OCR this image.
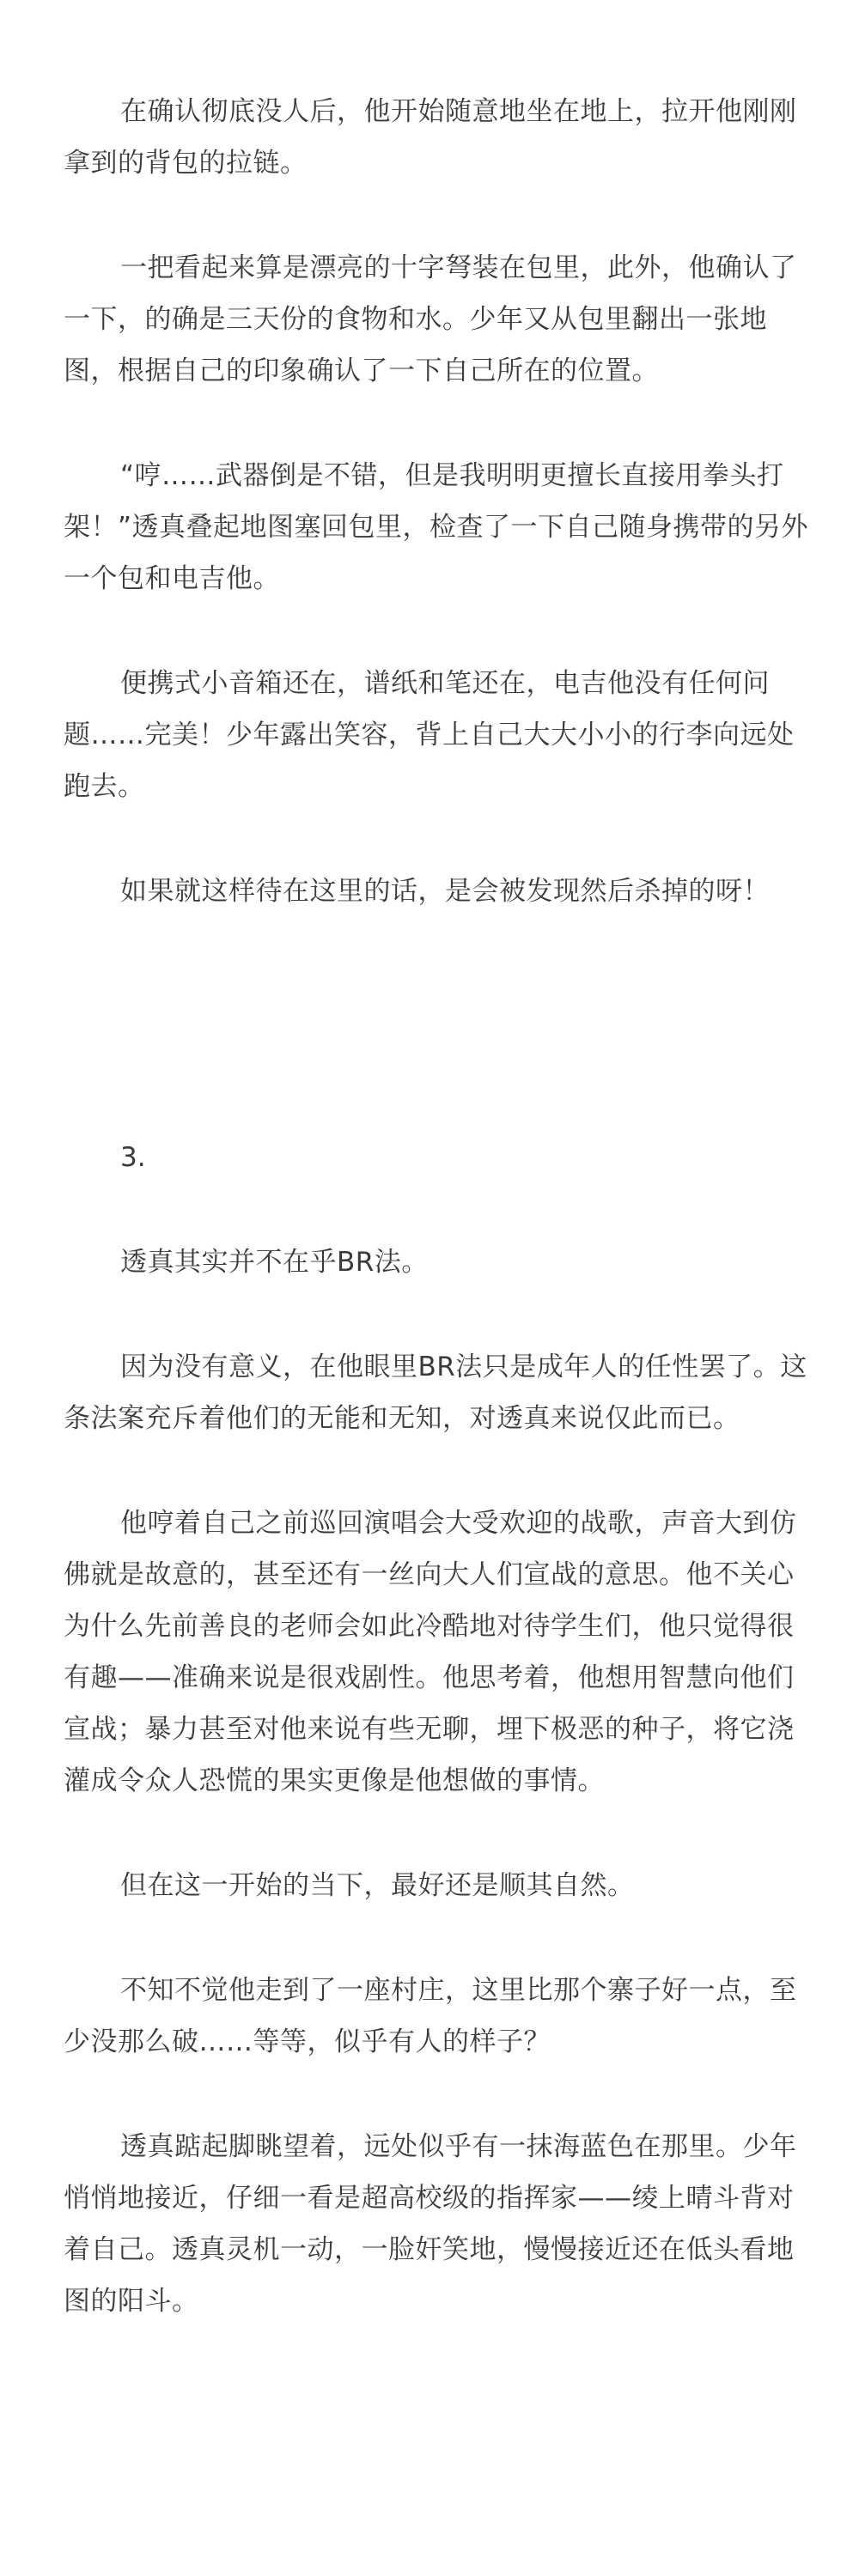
在确认彻底没人后，他开始随意地坐在地上，拉开他刚刚拿到的背包的拉链。

一把看起来算是漂亮的十字弩装在包里，此外，他确认了一下，的确是三天份的食物和水。少年又从包里翻出一张地图，根据自己的印象确认了一下自己所在的位置。

“哼……武器倒是不错，但是我明明更擅长直接用拳头打架！”透真叠起地图塞回包里，检查了一下自己随身携带的另外一个包和电吉他。

便携式小音箱还在，谱纸和笔还在，电吉他没有任何问题……完美！少年露出笑容，背上自己大大小小的行李向远处跑去。

如果就这样待在这里的话，是会被发现然后杀掉的呀！

3.

透真其实并不在乎BR法。

因为没有意义，在他眼里BR法只是成年人的任性罢了。这条法案充斥着他们的无能和无知，对透真来说仅此而已。

他哼着自己之前巡回演唱会大受欢迎的战歌，声音大到仿佛就是故意的，甚至还有一丝向大人们宣战的意思。他不关心为什么先前善良的老师会如此冷酷地对待学生们，他只觉得很有趣——准确来说是很戏剧性。他思考着，他想用智慧向他们宣战；暴力甚至对他来说有些无聊，埋下极恶的种子，将它浇灌成令众人恐慌的果实更像是他想做的事情。

但在这一开始的当下，最好还是顺其自然。

不知不觉他走到了一座村庄，这里比那个寨子好一点，至少没那么破……等等，似乎有人的样子？

透真踮起脚眺望着，远处似乎有一抹海蓝色在那里。少年悄悄地接近，仔细一看是超高校级的指挥家——绫上晴斗背对着自己。透真灵机一动，一脸奸笑地，慢慢接近还在低头看地图的阳斗。
